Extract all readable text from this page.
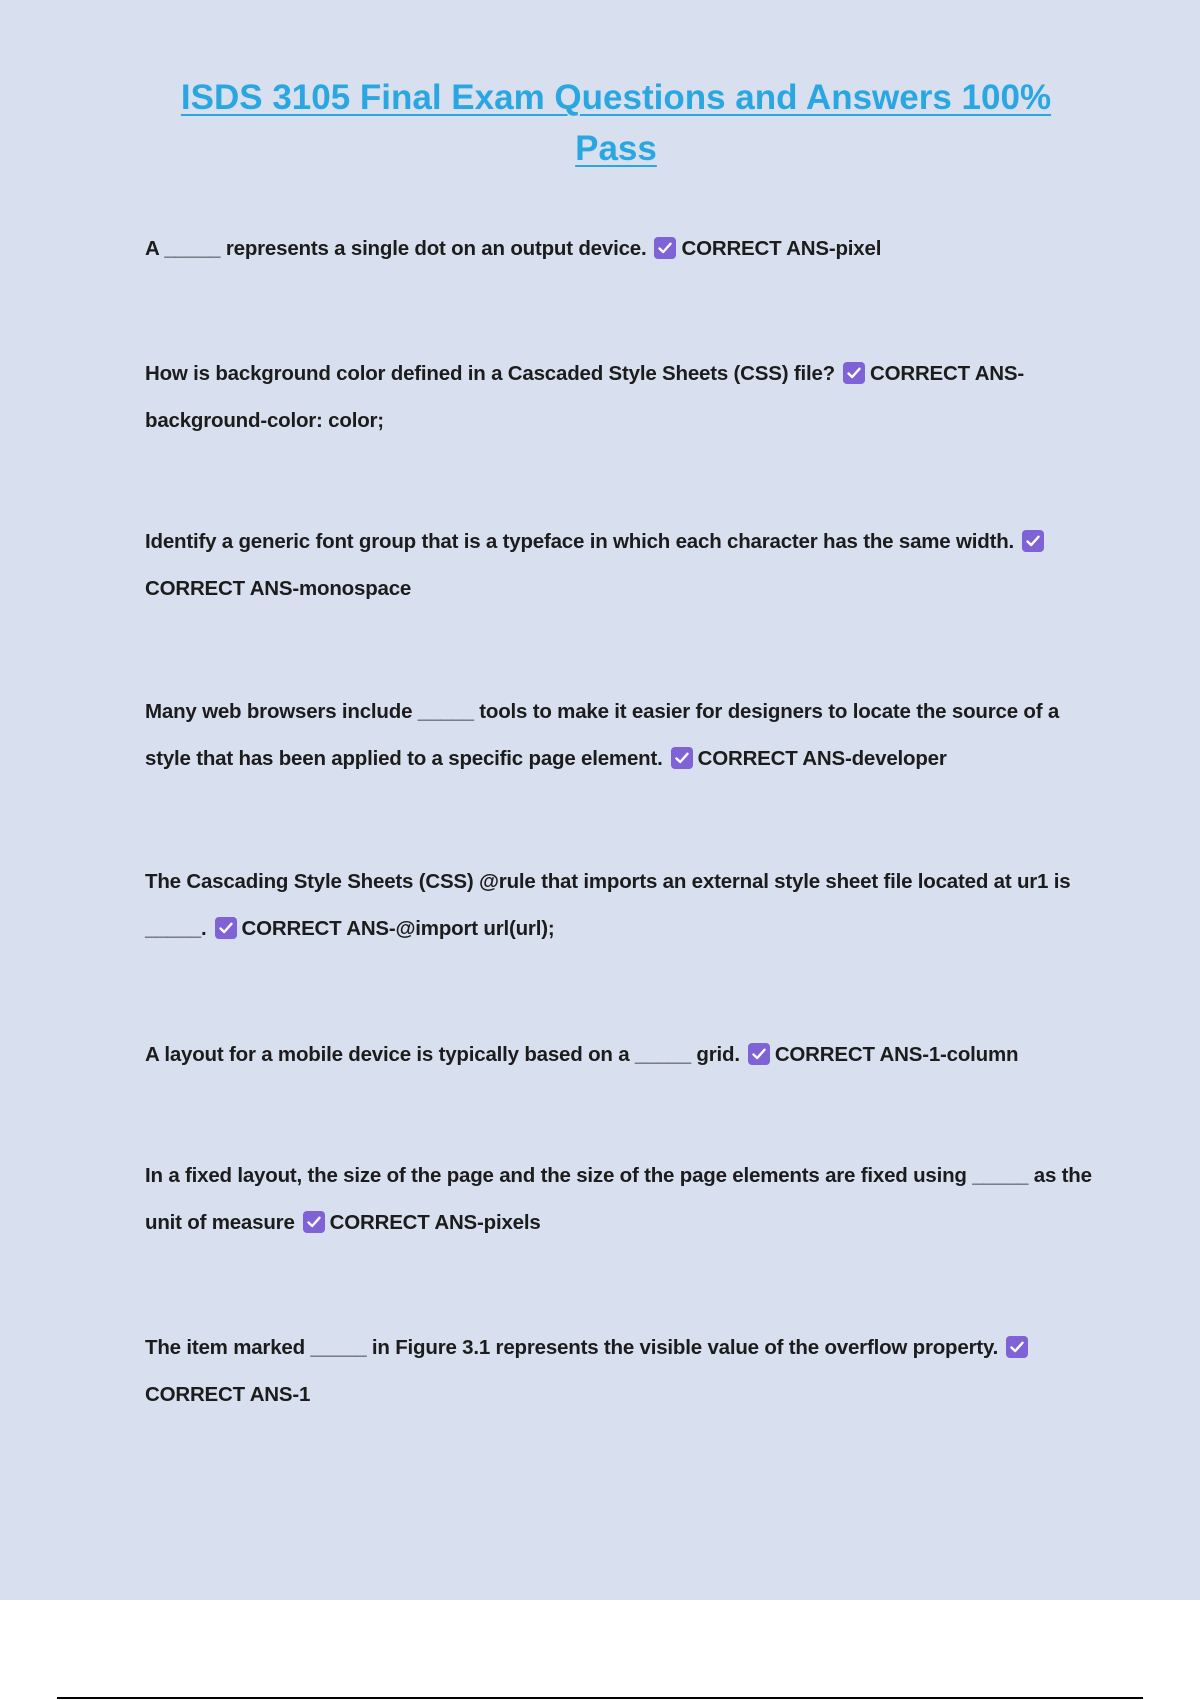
ISDS 3105 Final Exam Questions and Answers 100% Pass
A _____ represents a single dot on an output device. CORRECT ANS-pixel
How is background color defined in a Cascaded Style Sheets (CSS) file? CORRECT ANS-background-color: color;
Identify a generic font group that is a typeface in which each character has the same width.
CORRECT ANS-monospace
Many web browsers include _____ tools to make it easier for designers to locate the source of a style that has been applied to a specific page element. CORRECT ANS-developer
The Cascading Style Sheets (CSS) @rule that imports an external style sheet file located at ur1 is _____. CORRECT ANS-@import url(url);
A layout for a mobile device is typically based on a _____ grid. CORRECT ANS-1-column
In a fixed layout, the size of the page and the size of the page elements are fixed using _____ as the unit of measure CORRECT ANS-pixels
The item marked _____ in Figure 3.1 represents the visible value of the overflow property.
CORRECT ANS-1
